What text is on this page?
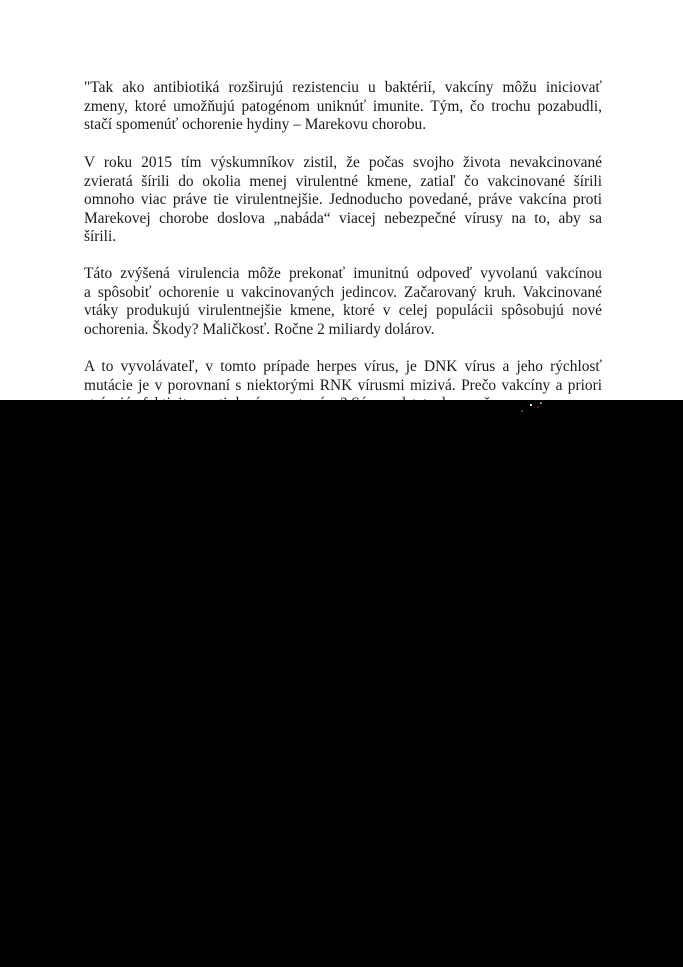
"Tak ako antibiotiká rozširujú rezistenciu u baktérií, vakcíny môžu iniciovať
zmeny, ktoré umožňujú patogénom uniknúť imunite. Tým, čo trochu pozabudli,
stačí spomenúť ochorenie hydiny – Marekovu chorobu.
V roku 2015 tím výskumníkov zistil, že počas svojho života nevakcinované
zvieratá šírili do okolia menej virulentné kmene, zatiaľ čo vakcinované šírili
omnoho viac práve tie virulentnejšie. Jednoducho povedané, práve vakcína proti
Marekovej chorobe doslova „nabáda“ viacej nebezpečné vírusy na to, aby sa
šírili.
Táto zvýšená virulencia môže prekonať imunitnú odpoveď vyvolanú vakcínou
a spôsobiť ochorenie u vakcinovaných jedincov. Začarovaný kruh. Vakcinované
vtáky produkujú virulentnejšie kmene, ktoré v celej populácii spôsobujú nové
ochorenia. Škody? Maličkosť. Ročne 2 miliardy dolárov.
A to vyvolávateľ, v tomto prípade herpes vírus, je DNK vírus a jeho rýchlosť
mutácie je v porovnaní s niektorými RNK vírusmi mizivá. Prečo vakcíny a priori
